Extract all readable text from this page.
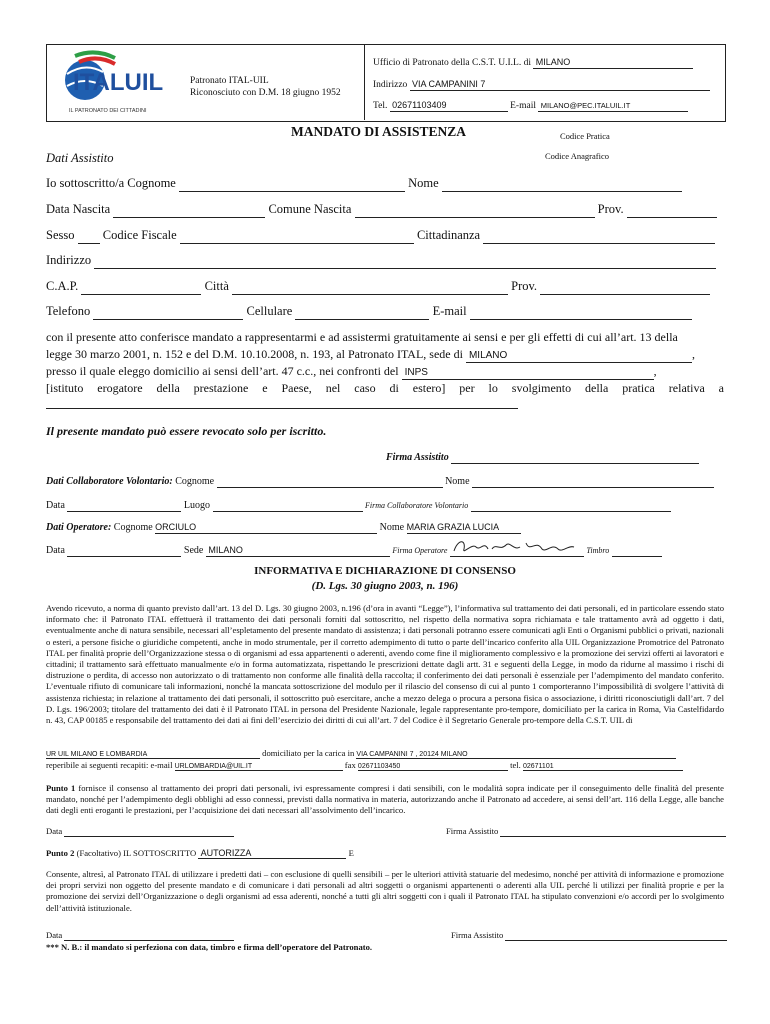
ITALUIL
IL PATRONATO DEI CITTADINI
Patronato ITAL-UIL
Riconosciuto con D.M. 18 giugno 1952
Ufficio di Patronato della C.S.T. U.I.L. di MILANO
Indirizzo VIA CAMPANINI 7
Tel. 02671103409	E-mail MILANO@PEC.ITALUIL.IT
MANDATO DI ASSISTENZA	Codice Pratica
Codice Anagrafico
Dati Assistito
Io sottoscritto/a Cognome	Nome
Data Nascita	Comune Nascita	Prov.
Sesso Codice Fiscale	Cittadinanza
Indirizzo
C.A.P.	Città	Prov.
Telefono	Cellulare	E-mail
con il presente atto conferisce mandato a rappresentarmi e ad assistermi gratuitamente ai sensi e per gli effetti di cui all’art. 13 della
legge 30 marzo 2001, n. 152 e del D.M. 10.10.2008, n. 193, al Patronato ITAL, sede di MILANO	,
presso il quale eleggo domicilio ai sensi dell’art. 47 c.c., nei confronti del INPS	,
[istituto erogatore della prestazione e Paese, nel caso di estero] per lo svolgimento della pratica relativa a
Il presente mandato può essere revocato solo per iscritto.
Firma Assistito
Dati Collaboratore Volontario: Cognome	Nome
Data	Luogo	Firma Collaboratore Volontario
Dati Operatore: Cognome ORCIULO	Nome MARIA GRAZIA LUCIA
Data	Sede MILANO	Firma Operatore	Timbro
INFORMATIVA E DICHIARAZIONE DI CONSENSO
(D. Lgs. 30 giugno 2003, n. 196)
Avendo ricevuto, a norma di quanto previsto dall’art. 13 del D. Lgs. 30 giugno 2003, n.196 (d’ora in avanti “Legge”), l’informativa sul trattamento dei dati personali, ed in particolare essendo stato informato che: il Patronato ITAL effettuerà il trattamento dei dati personali forniti dal sottoscritto, nel rispetto della normativa sopra richiamata e tale trattamento avrà ad oggetto i dati, eventualmente anche di natura sensibile, necessari all’espletamento del presente mandato di assistenza; i dati personali potranno essere comunicati agli Enti o Organismi pubblici o privati, nazionali o esteri, a persone fisiche o giuridiche competenti, anche in modo strumentale, per il corretto adempimento di tutto o parte dell’incarico conferito alla UIL Organizzazione Promotrice del Patronato ITAL per finalità proprie dell’Organizzazione stessa o di organismi ad essa appartenenti o aderenti, avendo come fine il miglioramento complessivo e la promozione dei servizi offerti ai lavoratori e cittadini; il trattamento sarà effettuato manualmente e/o in forma automatizzata, rispettando le prescrizioni dettate dagli artt. 31 e seguenti della Legge, in modo da ridurne al massimo i rischi di distruzione o perdita, di accesso non autorizzato o di trattamento non conforme alle finalità della raccolta; il conferimento dei dati personali è essenziale per l’adempimento del mandato conferito. L’eventuale rifiuto di comunicare tali informazioni, nonché la mancata sottoscrizione del modulo per il rilascio del consenso di cui al punto 1 comporteranno l’impossibilità di svolgere l’attività di assistenza richiesta; in relazione al trattamento dei dati personali, il sottoscritto può esercitare, anche a mezzo delega o procura a persona fisica o associazione, i diritti riconosciutigli dall’art. 7 del D. Lgs. 196/2003; titolare del trattamento dei dati è il Patronato ITAL in persona del Presidente Nazionale, legale rappresentante pro-tempore, domiciliato per la carica in Roma, Via Castelfidardo n. 43, CAP 00185 e responsabile del trattamento dei dati ai fini dell’esercizio dei diritti di cui all’art. 7 del Codice è il Segretario Generale pro-tempore della C.S.T. UIL di
UR UIL MILANO E LOMBARDIA	domiciliato per la carica in VIA CAMPANINI 7 , 20124 MILANO
reperibile ai seguenti recapiti: e-mail URLOMBARDIA@UIL.IT	fax 02671103450	tel. 02671101
Punto 1 fornisce il consenso al trattamento dei propri dati personali, ivi espressamente compresi i dati sensibili, con le modalità sopra indicate per il conseguimento delle finalità del presente mandato, nonché per l’adempimento degli obblighi ad esso connessi, previsti dalla normativa in materia, autorizzando anche il Patronato ad accedere, ai sensi dell’art. 116 della Legge, alle banche dati degli enti eroganti le prestazioni, per l’acquisizione dei dati necessari all’assolvimento dell’incarico.
Data	Firma Assistito
Punto 2 (Facoltativo) IL SOTTOSCRITTO AUTORIZZA	E
Consente, altresì, al Patronato ITAL di utilizzare i predetti dati – con esclusione di quelli sensibili – per le ulteriori attività statuarie del medesimo, nonché per attività di informazione e promozione dei propri servizi non oggetto del presente mandato e di comunicare i dati personali ad altri soggetti o organismi appartenenti o aderenti alla UIL perché li utilizzi per finalità proprie e per la promozione dei servizi dell’Organizzazione o degli organismi ad essa aderenti, nonché a tutti gli altri soggetti con i quali il Patronato ITAL ha stipulato convenzioni e/o accordi per lo svolgimento dell’attività istituzionale.
Data	Firma Assistito
*** N. B.: il mandato si perfeziona con data, timbro e firma dell’operatore del Patronato.
